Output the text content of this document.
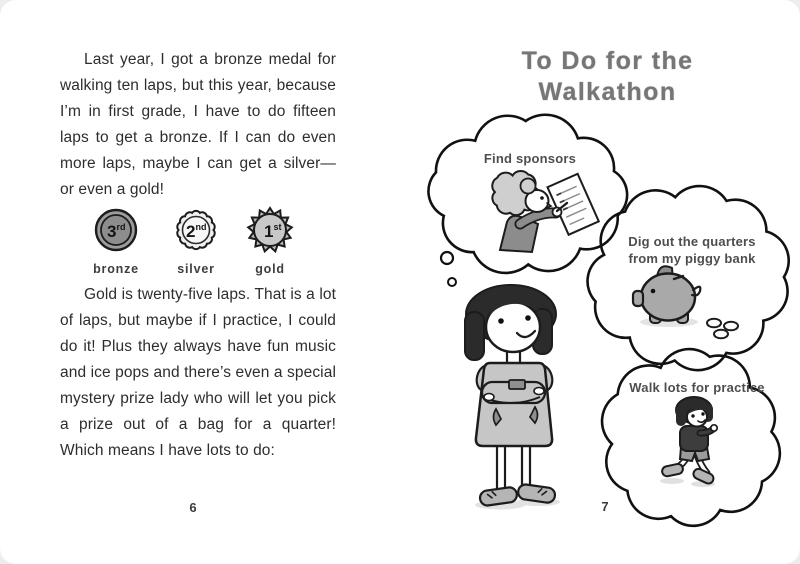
Last year, I got a bronze medal for walking ten laps, but this year, because I’m in first grade, I have to do fifteen laps to get a bronze. If I can do even more laps, maybe I can get a silver— or even a gold!

3rd
bronze
2nd
silver
1st
gold

Gold is twenty-five laps. That is a lot of laps, but maybe if I practice, I could do it! Plus they always have fun music and ice pops and there’s even a special mystery prize lady who will let you pick a prize out of a bag for a quarter! Which means I have lots to do:

6
To Do for the
Walkathon
Find sponsors
Dig out the quarters
from my piggy bank
Walk lots for practice
7
